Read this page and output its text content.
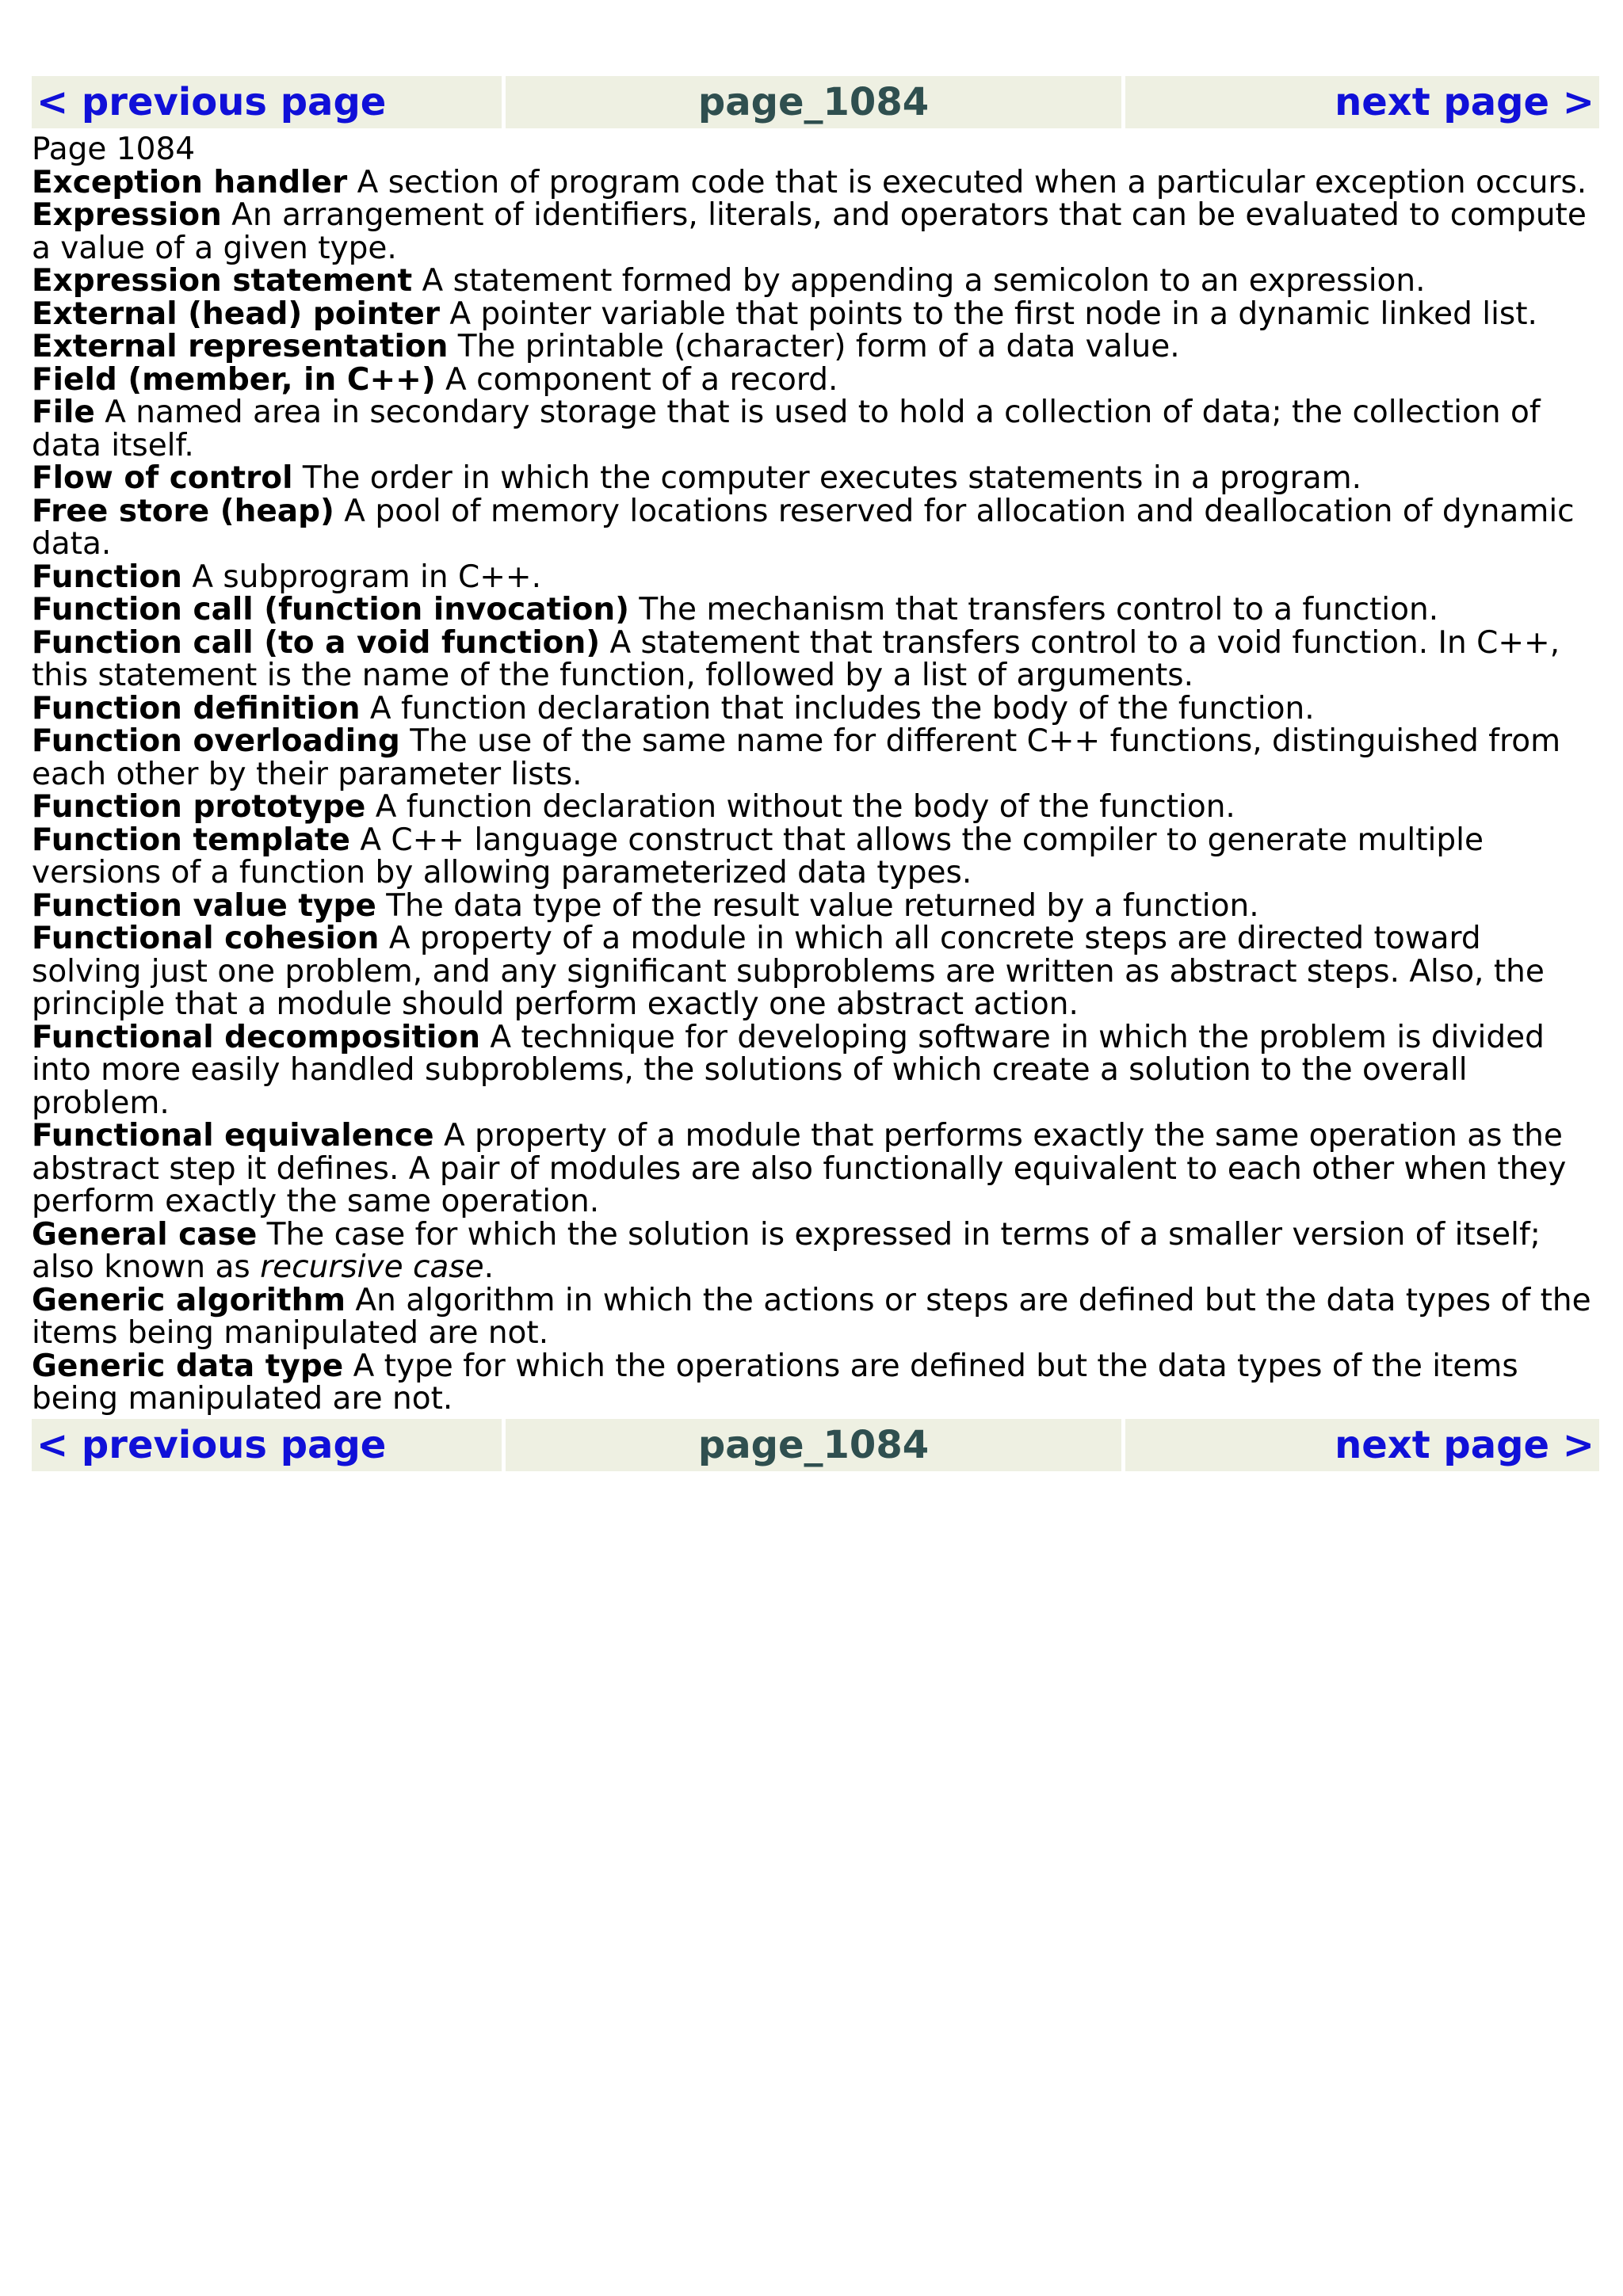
< previous page	page_1084	next page >
Page 1084
Exception handler A section of program code that is executed when a particular exception occurs.
Expression An arrangement of identifiers, literals, and operators that can be evaluated to compute a value of a given type.
Expression statement A statement formed by appending a semicolon to an expression.
External (head) pointer A pointer variable that points to the first node in a dynamic linked list.
External representation The printable (character) form of a data value.
Field (member, in C++) A component of a record.
File A named area in secondary storage that is used to hold a collection of data; the collection of data itself.
Flow of control The order in which the computer executes statements in a program.
Free store (heap) A pool of memory locations reserved for allocation and deallocation of dynamic data.
Function A subprogram in C++.
Function call (function invocation) The mechanism that transfers control to a function.
Function call (to a void function) A statement that transfers control to a void function. In C++, this statement is the name of the function, followed by a list of arguments.
Function definition A function declaration that includes the body of the function.
Function overloading The use of the same name for different C++ functions, distinguished from each other by their parameter lists.
Function prototype A function declaration without the body of the function.
Function template A C++ language construct that allows the compiler to generate multiple versions of a function by allowing parameterized data types.
Function value type The data type of the result value returned by a function.
Functional cohesion A property of a module in which all concrete steps are directed toward solving just one problem, and any significant subproblems are written as abstract steps. Also, the principle that a module should perform exactly one abstract action.
Functional decomposition A technique for developing software in which the problem is divided into more easily handled subproblems, the solutions of which create a solution to the overall problem.
Functional equivalence A property of a module that performs exactly the same operation as the abstract step it defines. A pair of modules are also functionally equivalent to each other when they perform exactly the same operation.
General case The case for which the solution is expressed in terms of a smaller version of itself; also known as recursive case.
Generic algorithm An algorithm in which the actions or steps are defined but the data types of the items being manipulated are not.
Generic data type A type for which the operations are defined but the data types of the items being manipulated are not.
< previous page	page_1084	next page >
